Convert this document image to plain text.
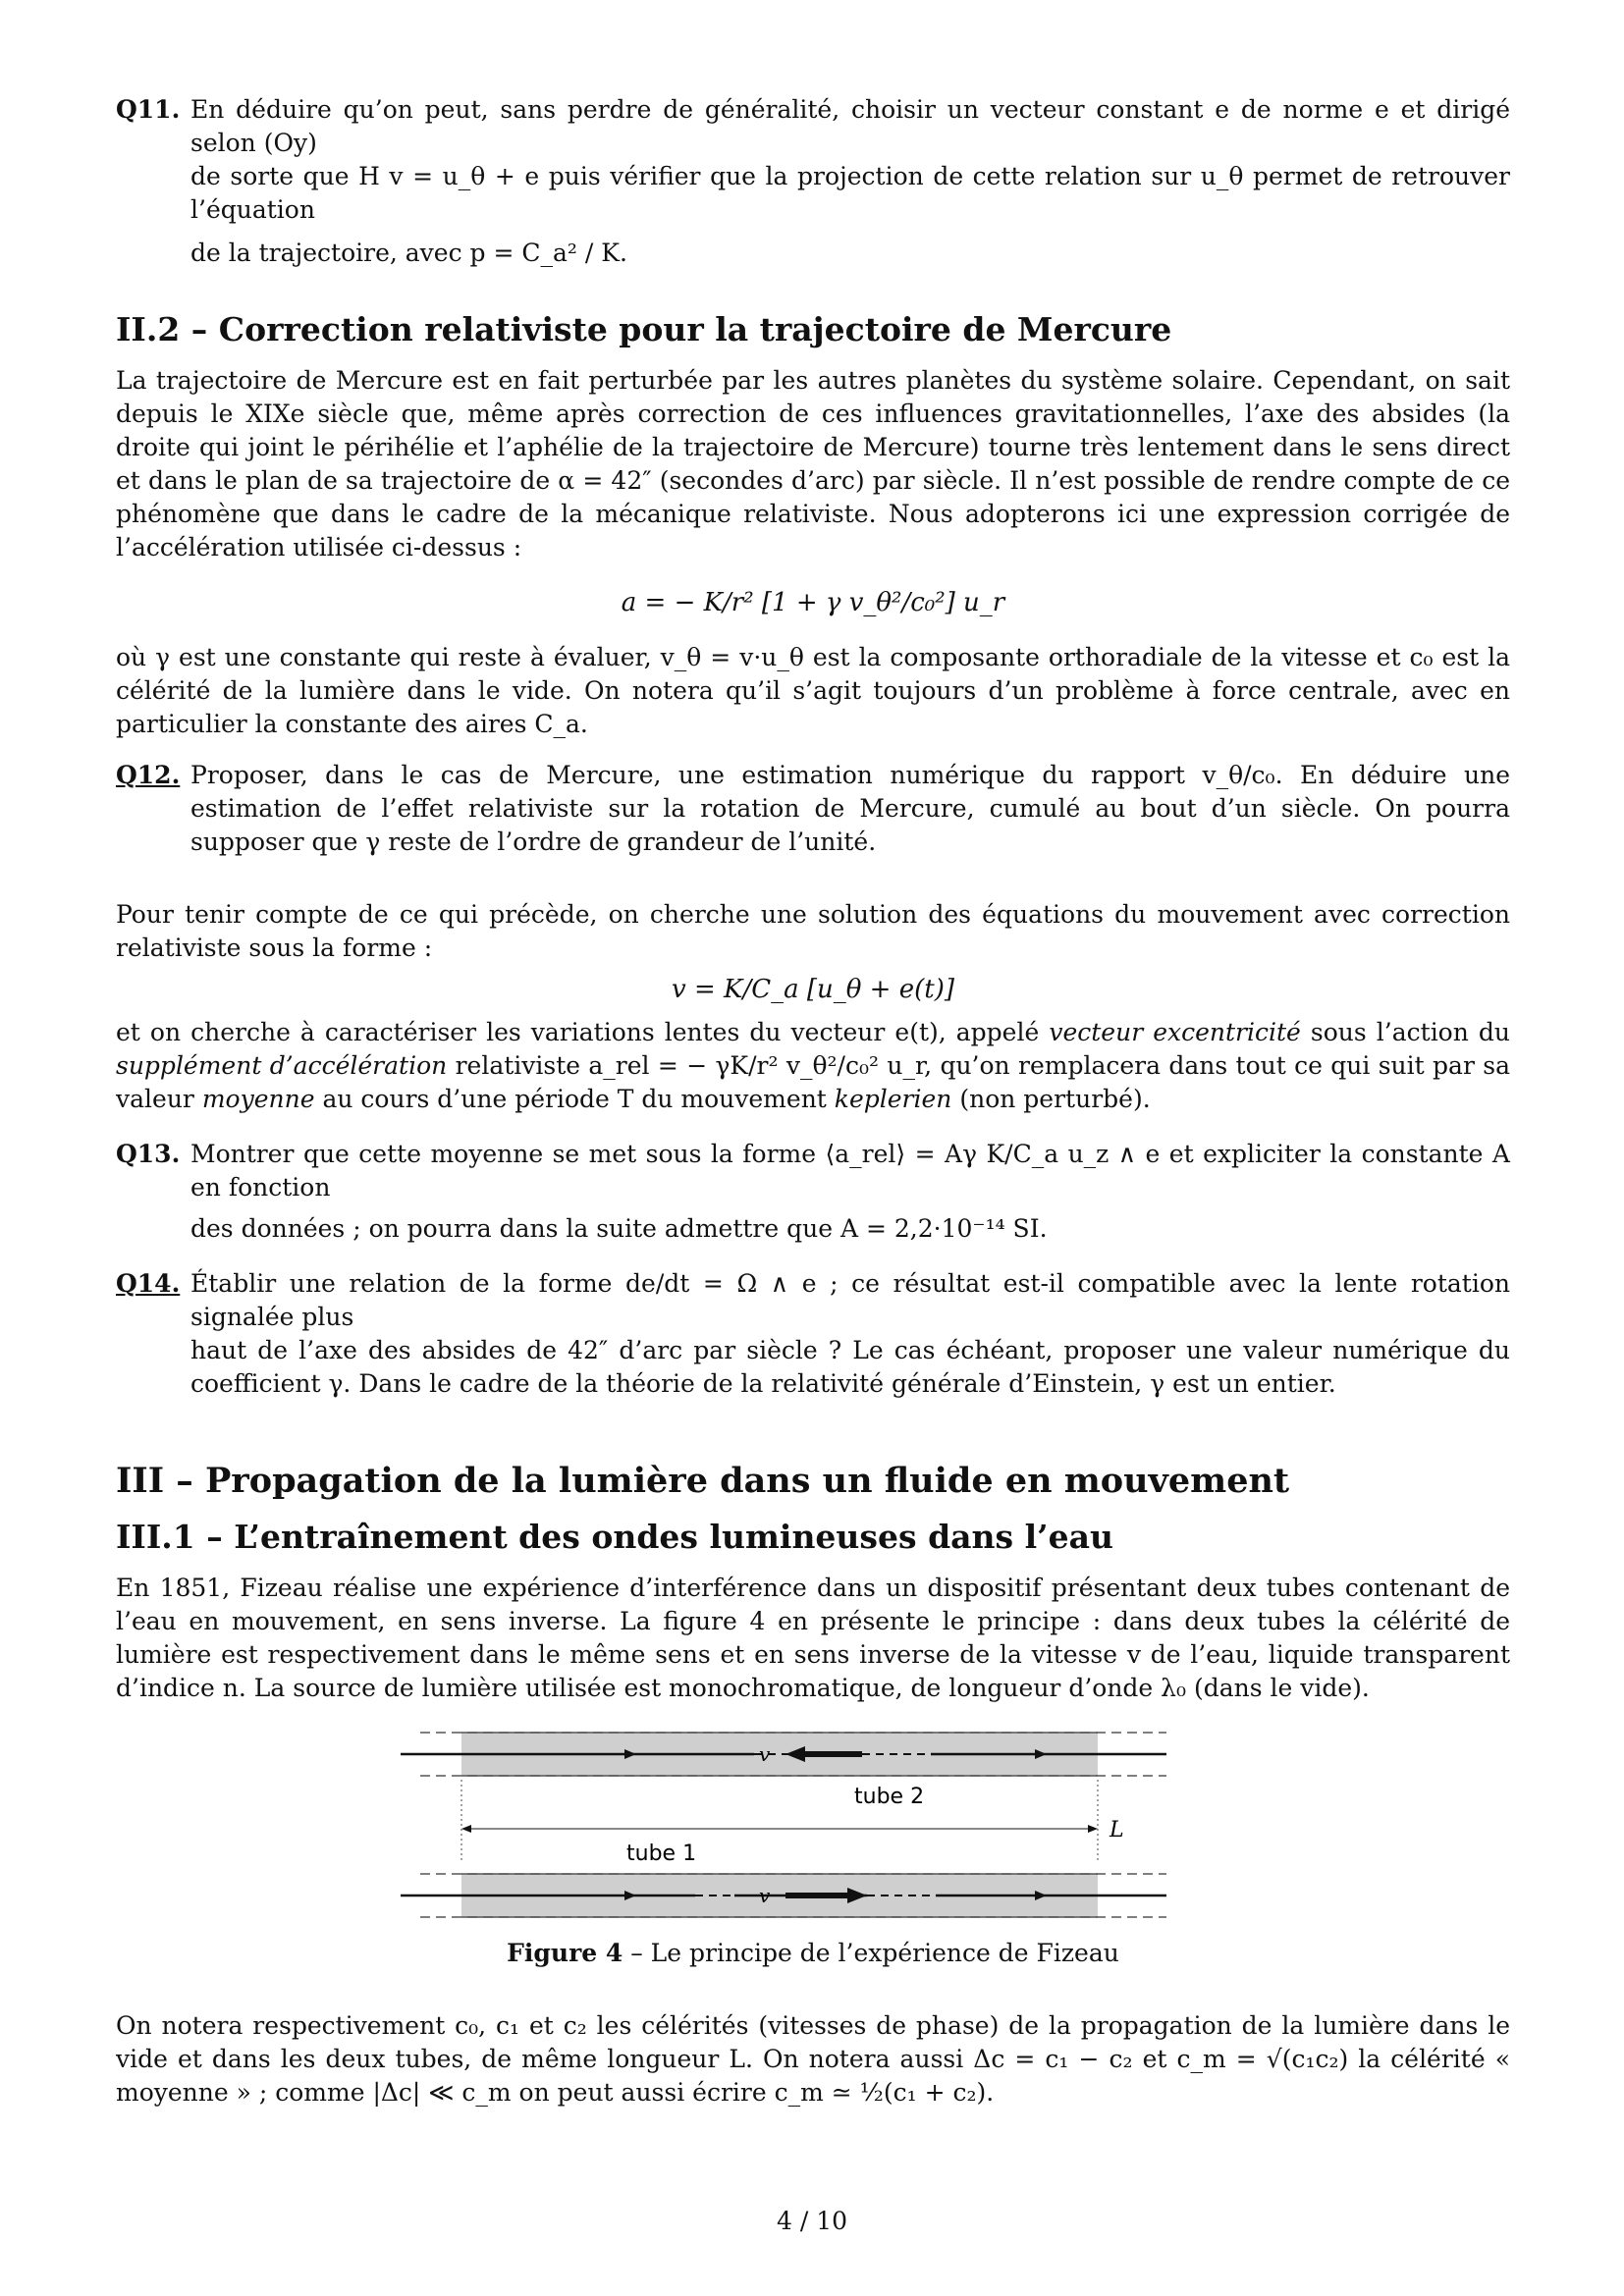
Q11. En déduire qu’on peut, sans perdre de généralité, choisir un vecteur constant e de norme e et dirigé selon (Oy)

de sorte que H v = u_θ + e puis vérifier que la projection de cette relation sur u_θ permet de retrouver l’équation

de la trajectoire, avec p = C_a² / K.

II.2 – Correction relativiste pour la trajectoire de Mercure

La trajectoire de Mercure est en fait perturbée par les autres planètes du système solaire. Cependant, on sait depuis le XIXe siècle que, même après correction de ces influences gravitationnelles, l’axe des absides (la droite qui joint le périhélie et l’aphélie de la trajectoire de Mercure) tourne très lentement dans le sens direct et dans le plan de sa trajectoire de α = 42″ (secondes d’arc) par siècle. Il n’est possible de rendre compte de ce phénomène que dans le cadre de la mécanique relativiste. Nous adopterons ici une expression corrigée de l’accélération utilisée ci-dessus :

a = − K/r² [1 + γ v_θ²/c₀²] u_r

où γ est une constante qui reste à évaluer, v_θ = v·u_θ est la composante orthoradiale de la vitesse et c₀ est la célérité de la lumière dans le vide. On notera qu’il s’agit toujours d’un problème à force centrale, avec en particulier la constante des aires C_a.

Q12. Proposer, dans le cas de Mercure, une estimation numérique du rapport v_θ/c₀. En déduire une estimation de l’effet relativiste sur la rotation de Mercure, cumulé au bout d’un siècle. On pourra supposer que γ reste de l’ordre de grandeur de l’unité.

Pour tenir compte de ce qui précède, on cherche une solution des équations du mouvement avec correction relativiste sous la forme :

v = K/C_a [u_θ + e(t)]

et on cherche à caractériser les variations lentes du vecteur e(t), appelé vecteur excentricité sous l’action du supplément d’accélération relativiste a_rel = − γK/r² v_θ²/c₀² u_r, qu’on remplacera dans tout ce qui suit par sa valeur moyenne au cours d’une période T du mouvement keplerien (non perturbé).

Q13. Montrer que cette moyenne se met sous la forme ⟨a_rel⟩ = Aγ K/C_a u_z ∧ e et expliciter la constante A en fonction

des données ; on pourra dans la suite admettre que A = 2,2·10⁻¹⁴ SI.

Q14. Établir une relation de la forme de/dt = Ω ∧ e ; ce résultat est-il compatible avec la lente rotation signalée plus

haut de l’axe des absides de 42″ d’arc par siècle ? Le cas échéant, proposer une valeur numérique du coefficient γ. Dans le cadre de la théorie de la relativité générale d’Einstein, γ est un entier.

III – Propagation de la lumière dans un fluide en mouvement
III.1 – L’entraînement des ondes lumineuses dans l’eau

En 1851, Fizeau réalise une expérience d’interférence dans un dispositif présentant deux tubes contenant de l’eau en mouvement, en sens inverse. La figure 4 en présente le principe : dans deux tubes la célérité de lumière est respectivement dans le même sens et en sens inverse de la vitesse v de l’eau, liquide transparent d’indice n. La source de lumière utilisée est monochromatique, de longueur d’onde λ₀ (dans le vide).

v
tube 2
L
tube 1
v
Figure 4 – Le principe de l’expérience de Fizeau

On notera respectivement c₀, c₁ et c₂ les célérités (vitesses de phase) de la propagation de la lumière dans le vide et dans les deux tubes, de même longueur L. On notera aussi Δc = c₁ − c₂ et c_m = √(c₁c₂) la célérité « moyenne » ; comme |Δc| ≪ c_m on peut aussi écrire c_m ≃ ½(c₁ + c₂).

4 / 10
